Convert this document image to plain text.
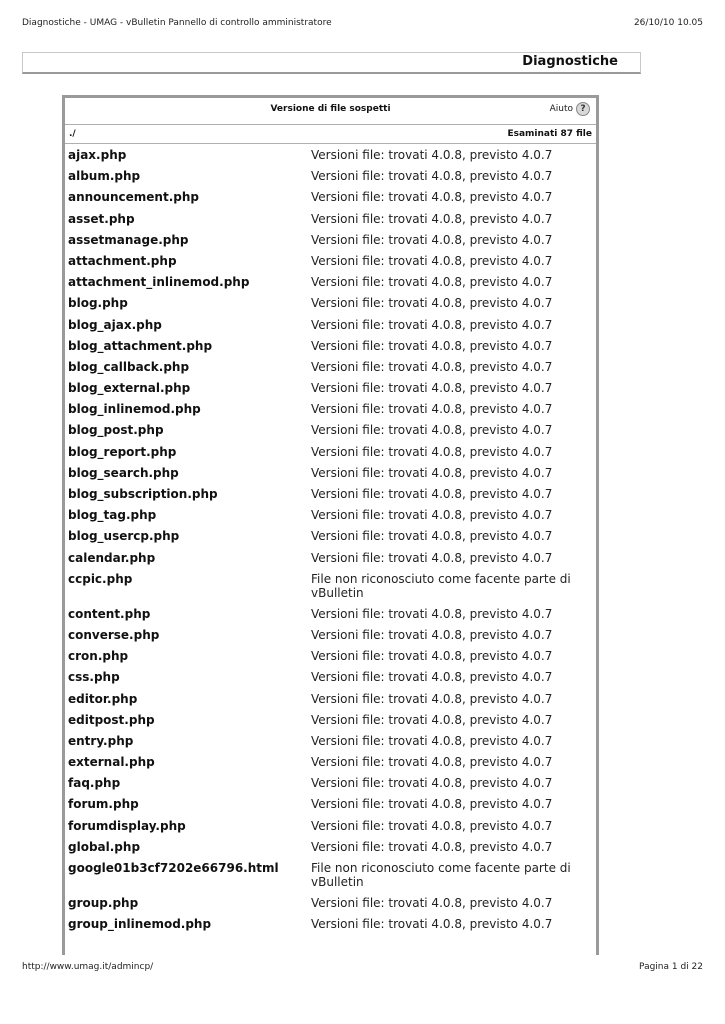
Diagnostiche - UMAG - vBulletin Pannello di controllo amministratore	26/10/10 10.05
Diagnostiche
Versione di file sospetti	Aiuto ?
./	Esaminati 87 file
ajax.php	Versioni file: trovati 4.0.8, previsto 4.0.7
album.php	Versioni file: trovati 4.0.8, previsto 4.0.7
announcement.php	Versioni file: trovati 4.0.8, previsto 4.0.7
asset.php	Versioni file: trovati 4.0.8, previsto 4.0.7
assetmanage.php	Versioni file: trovati 4.0.8, previsto 4.0.7
attachment.php	Versioni file: trovati 4.0.8, previsto 4.0.7
attachment_inlinemod.php	Versioni file: trovati 4.0.8, previsto 4.0.7
blog.php	Versioni file: trovati 4.0.8, previsto 4.0.7
blog_ajax.php	Versioni file: trovati 4.0.8, previsto 4.0.7
blog_attachment.php	Versioni file: trovati 4.0.8, previsto 4.0.7
blog_callback.php	Versioni file: trovati 4.0.8, previsto 4.0.7
blog_external.php	Versioni file: trovati 4.0.8, previsto 4.0.7
blog_inlinemod.php	Versioni file: trovati 4.0.8, previsto 4.0.7
blog_post.php	Versioni file: trovati 4.0.8, previsto 4.0.7
blog_report.php	Versioni file: trovati 4.0.8, previsto 4.0.7
blog_search.php	Versioni file: trovati 4.0.8, previsto 4.0.7
blog_subscription.php	Versioni file: trovati 4.0.8, previsto 4.0.7
blog_tag.php	Versioni file: trovati 4.0.8, previsto 4.0.7
blog_usercp.php	Versioni file: trovati 4.0.8, previsto 4.0.7
calendar.php	Versioni file: trovati 4.0.8, previsto 4.0.7
ccpic.php	File non riconosciuto come facente parte di vBulletin
content.php	Versioni file: trovati 4.0.8, previsto 4.0.7
converse.php	Versioni file: trovati 4.0.8, previsto 4.0.7
cron.php	Versioni file: trovati 4.0.8, previsto 4.0.7
css.php	Versioni file: trovati 4.0.8, previsto 4.0.7
editor.php	Versioni file: trovati 4.0.8, previsto 4.0.7
editpost.php	Versioni file: trovati 4.0.8, previsto 4.0.7
entry.php	Versioni file: trovati 4.0.8, previsto 4.0.7
external.php	Versioni file: trovati 4.0.8, previsto 4.0.7
faq.php	Versioni file: trovati 4.0.8, previsto 4.0.7
forum.php	Versioni file: trovati 4.0.8, previsto 4.0.7
forumdisplay.php	Versioni file: trovati 4.0.8, previsto 4.0.7
global.php	Versioni file: trovati 4.0.8, previsto 4.0.7
google01b3cf7202e66796.html	File non riconosciuto come facente parte di vBulletin
group.php	Versioni file: trovati 4.0.8, previsto 4.0.7
group_inlinemod.php	Versioni file: trovati 4.0.8, previsto 4.0.7
http://www.umag.it/admincp/	Pagina 1 di 22
